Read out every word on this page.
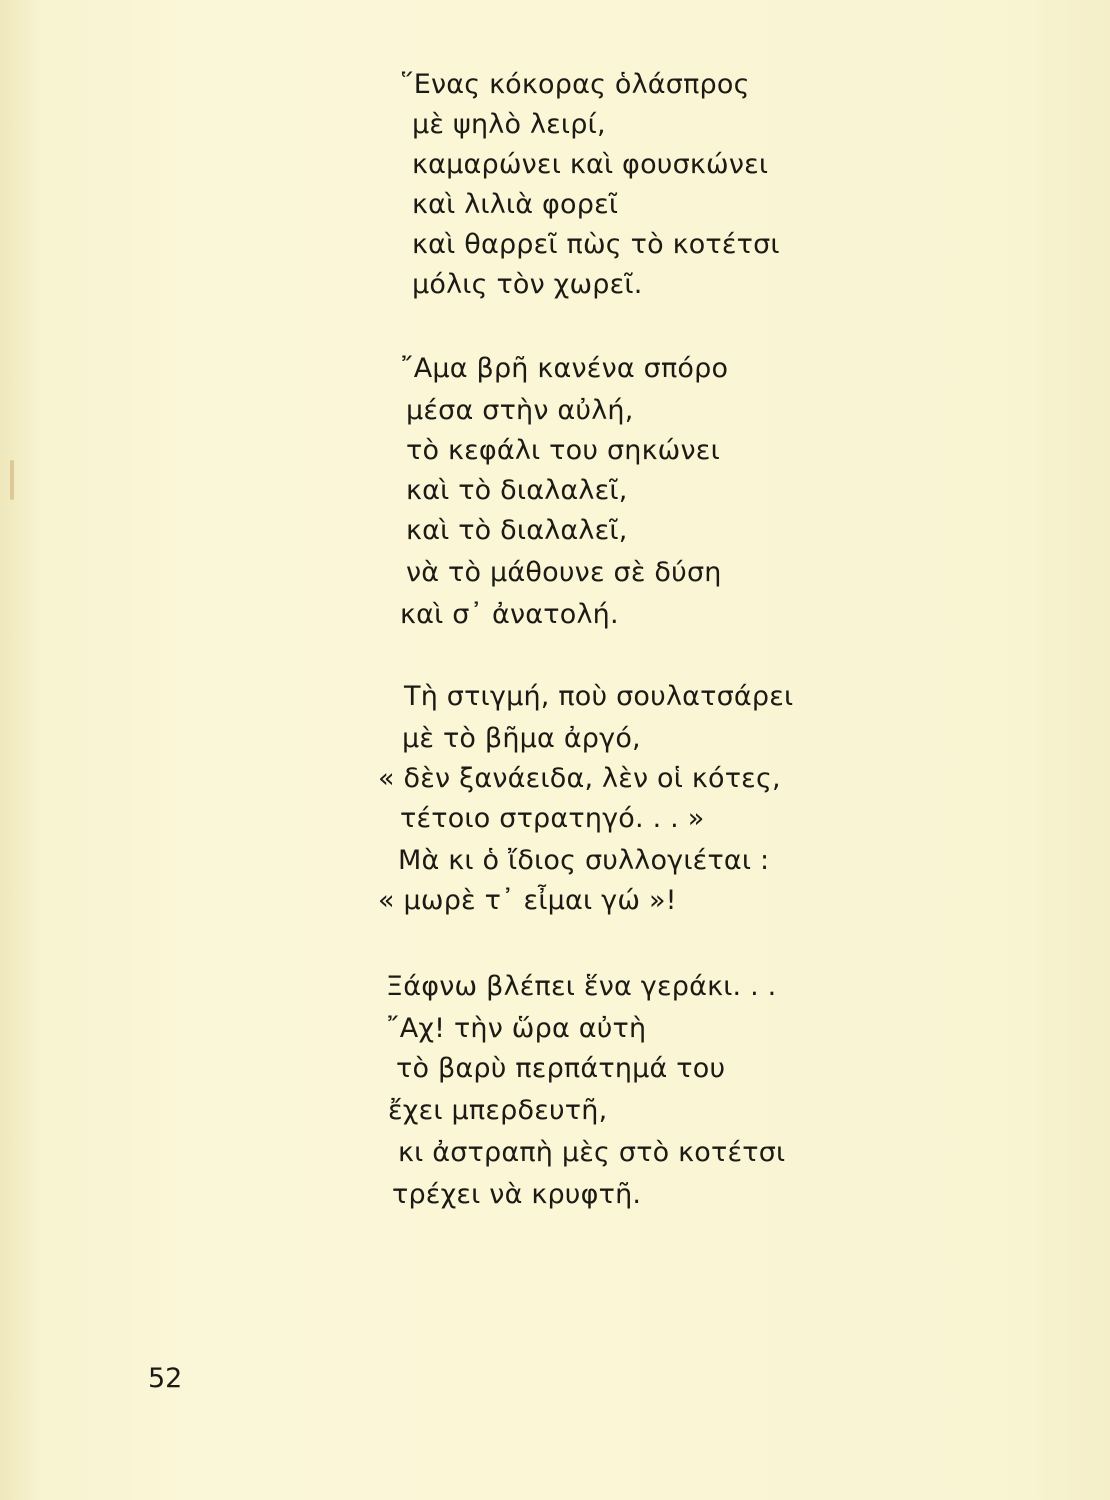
῞Ενας κόκορας ὁλάσπρος
μὲ ψηλὸ λειρί,
καμαρώνει καὶ φουσκώνει
καὶ λιλιὰ φορεῖ
καὶ θαρρεῖ πὼς τὸ κοτέτσι
μόλις τὸν χωρεῖ.
῎Αμα βρῆ κανένα σπόρο
μέσα στὴν αὐλή,
τὸ κεφάλι του σηκώνει
καὶ τὸ διαλαλεῖ,
καὶ τὸ διαλαλεῖ,
νὰ τὸ μάθουνε σὲ δύση
καὶ σ᾿ ἀνατολή.
Τὴ στιγμή, ποὺ σουλατσάρει
μὲ τὸ βῆμα ἀργό,
« δὲν ξανάειδα, λὲν οἱ κότες,
τέτοιο στρατηγό. . . »
Μὰ κι ὁ ἴδιος συλλογιέται :
« μωρὲ τ᾿ εἶμαι γώ »!
Ξάφνω βλέπει ἕνα γεράκι. . .
῎Αχ! τὴν ὥρα αὐτὴ
τὸ βαρὺ περπάτημά του
ἔχει μπερδευτῆ,
κι ἀστραπὴ μὲς στὸ κοτέτσι
τρέχει νὰ κρυφτῆ.
52
